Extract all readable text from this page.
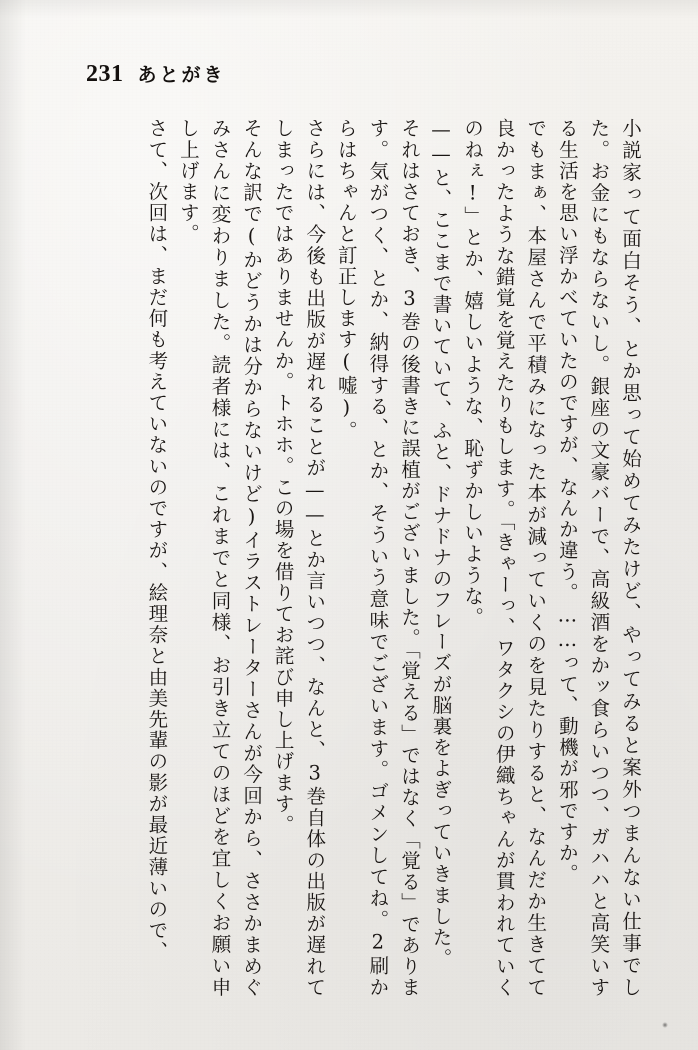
231 あとがき

小説家って面白そう、とか思って始めてみたけど、やってみると案外つまんない仕事でした。お金にもならないし。銀座の文豪バーで、高級酒をかッ食らいつつ、ガハハと高笑いする生活を思い浮かべていたのですが、なんか違う。……って、動機が邪ですか。

でもまぁ、本屋さんで平積みになった本が減っていくのを見たりすると、なんだか生きてて良かったような錯覚を覚えたりもします。「きゃーっ、ワタクシの伊織ちゃんが貫われていくのねぇ!」とか、嬉しいような、恥ずかしいような。

——と、ここまで書いていて、ふと、ドナドナのフレーズが脳裏をよぎっていきました。

それはさておき、3巻の後書きに誤植がございました。「覚える」ではなく「覚る」であります。気がつく、とか、納得する、とか、そういう意味でございます。ゴメンしてね。2刷からはちゃんと訂正します(嘘)。

さらには、今後も出版が遅れることが——とか言いつつ、なんと、3巻自体の出版が遅れてしまったではありませんか。トホホ。この場を借りてお詫び申し上げます。

そんな訳で(かどうかは分からないけど)イラストレーターさんが今回から、ささかまめぐみさんに変わりました。読者様には、これまでと同様、お引き立てのほどを宜しくお願い申し上げます。

さて、次回は、まだ何も考えていないのですが、絵理奈と由美先輩の影が最近薄いので、
